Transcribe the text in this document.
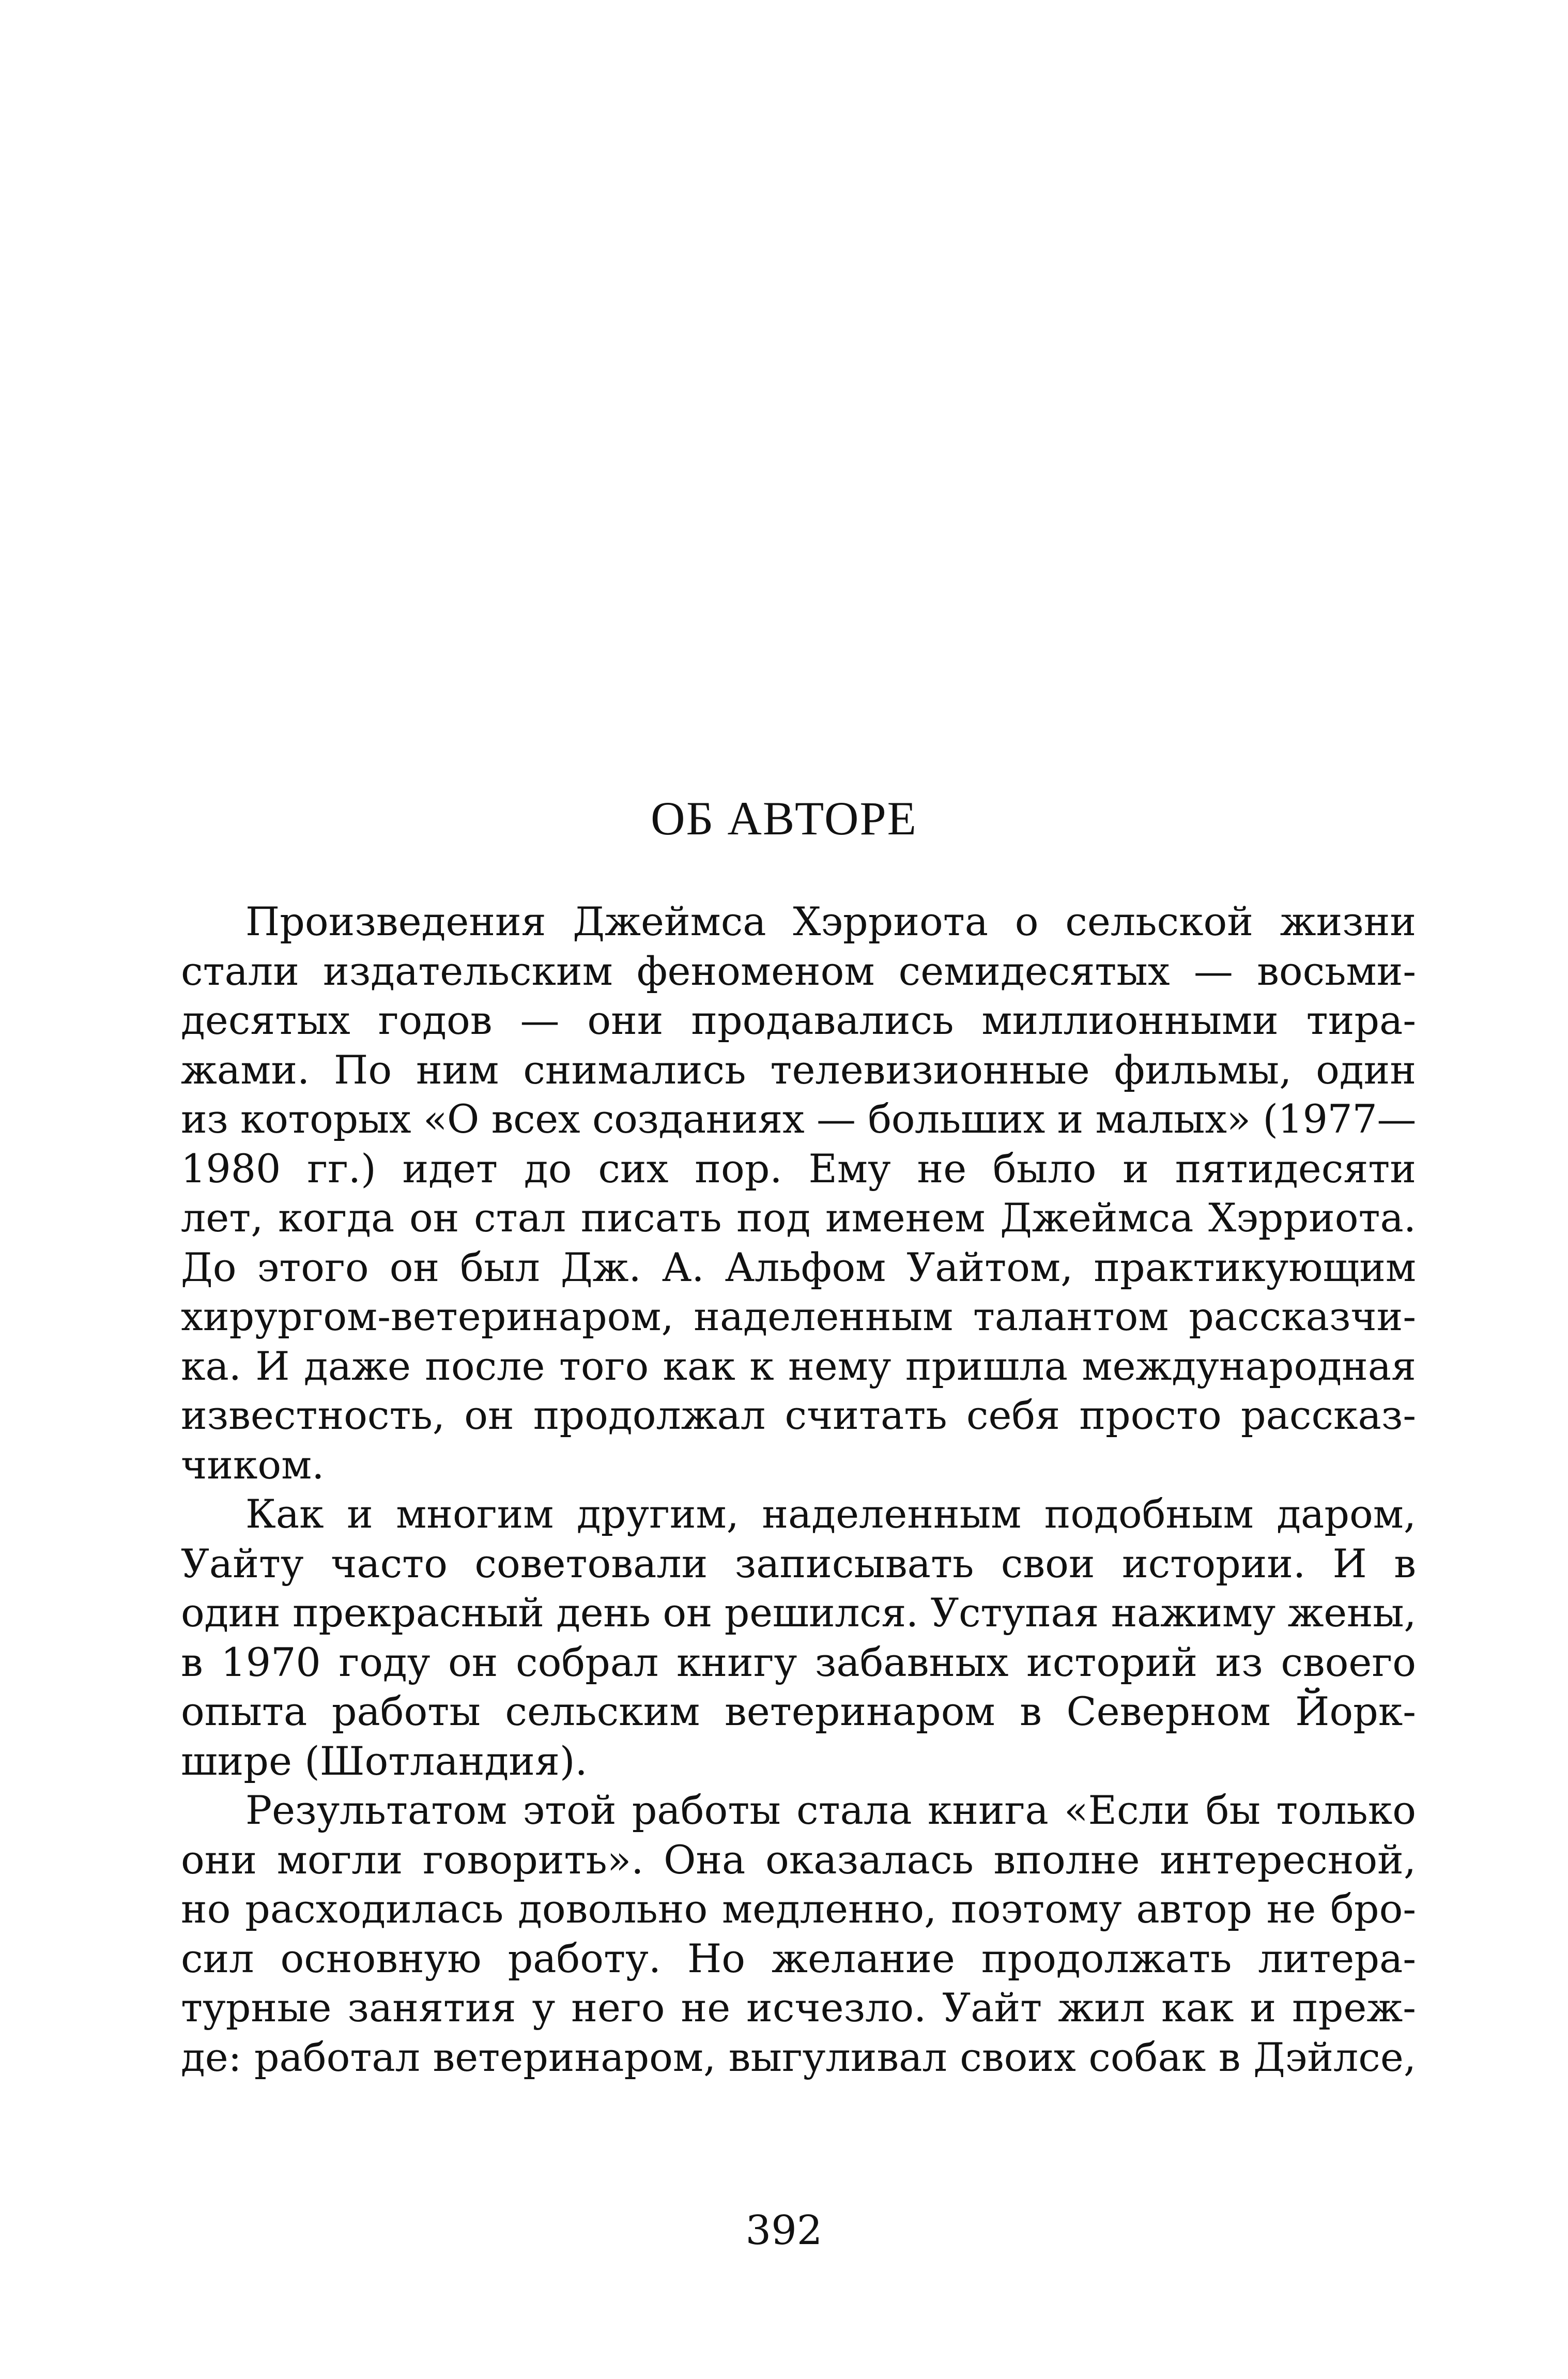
ОБ АВТОРЕ

Произведения Джеймса Хэрриота о сельской жизни
стали издательским феноменом семидесятых — восьми-
десятых годов — они продавались миллионными тира-
жами. По ним снимались телевизионные фильмы, один
из которых «О всех созданиях — больших и малых» (1977—
1980 гг.) идет до сих пор. Ему не было и пятидесяти
лет, когда он стал писать под именем Джеймса Хэрриота.
До этого он был Дж. А. Альфом Уайтом, практикующим
хирургом-ветеринаром, наделенным талантом рассказчи-
ка. И даже после того как к нему пришла международная
известность, он продолжал считать себя просто рассказ-
чиком.

Как и многим другим, наделенным подобным даром,
Уайту часто советовали записывать свои истории. И в
один прекрасный день он решился. Уступая нажиму жены,
в 1970 году он собрал книгу забавных историй из своего
опыта работы сельским ветеринаром в Северном Йорк-
шире (Шотландия).

Результатом этой работы стала книга «Если бы только
они могли говорить». Она оказалась вполне интересной,
но расходилась довольно медленно, поэтому автор не бро-
сил основную работу. Но желание продолжать литера-
турные занятия у него не исчезло. Уайт жил как и преж-
де: работал ветеринаром, выгуливал своих собак в Дэйлсе,

392
